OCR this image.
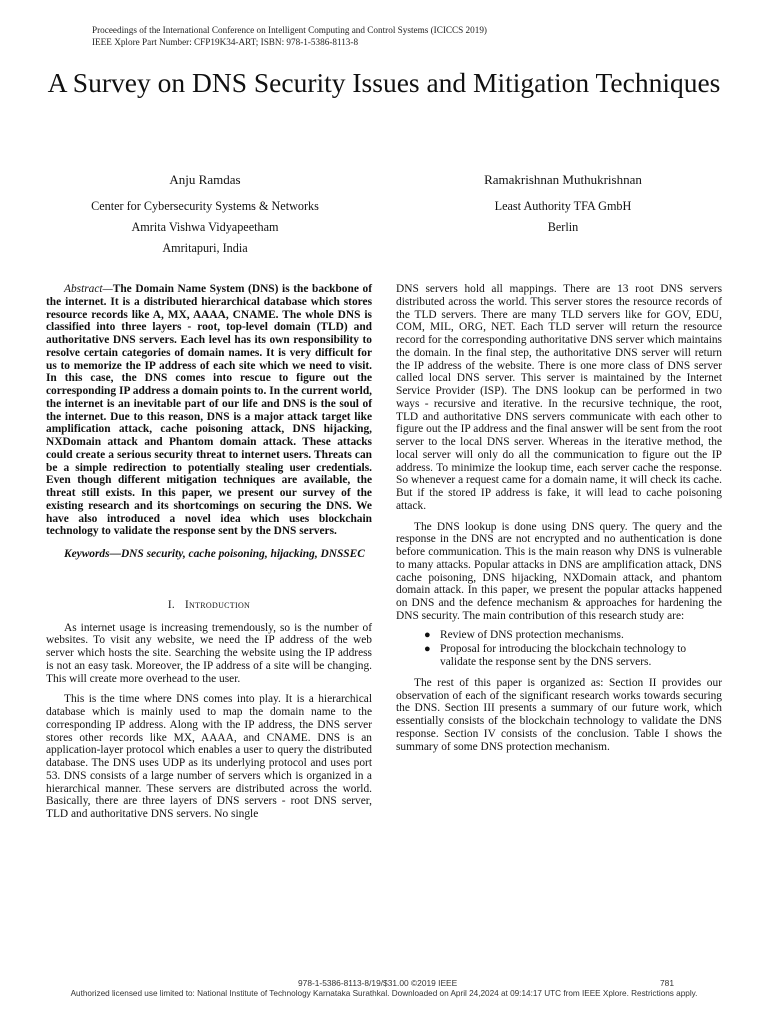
Proceedings of the International Conference on Intelligent Computing and Control Systems (ICICCS 2019)
IEEE Xplore Part Number: CFP19K34-ART; ISBN: 978-1-5386-8113-8
A Survey on DNS Security Issues and Mitigation Techniques
Anju Ramdas
Center for Cybersecurity Systems & Networks
Amrita Vishwa Vidyapeetham
Amritapuri, India
Ramakrishnan Muthukrishnan
Least Authority TFA GmbH
Berlin

Abstract—The Domain Name System (DNS) is the backbone of the internet. It is a distributed hierarchical database which stores resource records like A, MX, AAAA, CNAME. The whole DNS is classified into three layers - root, top-level domain (TLD) and authoritative DNS servers. Each level has its own responsibility to resolve certain categories of domain names. It is very difficult for us to memorize the IP address of each site which we need to visit. In this case, the DNS comes into rescue to figure out the corresponding IP address a domain points to. In the current world, the internet is an inevitable part of our life and DNS is the soul of the internet. Due to this reason, DNS is a major attack target like amplification attack, cache poisoning attack, DNS hijacking, NXDomain attack and Phantom domain attack. These attacks could create a serious security threat to internet users. Threats can be a simple redirection to potentially stealing user credentials. Even though different mitigation techniques are available, the threat still exists. In this paper, we present our survey of the existing research and its shortcomings on securing the DNS. We have also introduced a novel idea which uses blockchain technology to validate the response sent by the DNS servers.

Keywords—DNS security, cache poisoning, hijacking, DNSSEC

I. Introduction

As internet usage is increasing tremendously, so is the number of websites. To visit any website, we need the IP address of the web server which hosts the site. Searching the website using the IP address is not an easy task. Moreover, the IP address of a site will be changing. This will create more overhead to the user.

This is the time where DNS comes into play. It is a hierarchical database which is mainly used to map the domain name to the corresponding IP address. Along with the IP address, the DNS server stores other records like MX, AAAA, and CNAME. DNS is an application-layer protocol which enables a user to query the distributed database. The DNS uses UDP as its underlying protocol and uses port 53. DNS consists of a large number of servers which is organized in a hierarchical manner. These servers are distributed across the world. Basically, there are three layers of DNS servers - root DNS server, TLD and authoritative DNS servers. No single

DNS servers hold all mappings. There are 13 root DNS servers distributed across the world. This server stores the resource records of the TLD servers. There are many TLD servers like for GOV, EDU, COM, MIL, ORG, NET. Each TLD server will return the resource record for the corresponding authoritative DNS server which maintains the domain. In the final step, the authoritative DNS server will return the IP address of the website. There is one more class of DNS server called local DNS server. This server is maintained by the Internet Service Provider (ISP). The DNS lookup can be performed in two ways - recursive and iterative. In the recursive technique, the root, TLD and authoritative DNS servers communicate with each other to figure out the IP address and the final answer will be sent from the root server to the local DNS server. Whereas in the iterative method, the local server will only do all the communication to figure out the IP address. To minimize the lookup time, each server cache the response. So whenever a request came for a domain name, it will check its cache. But if the stored IP address is fake, it will lead to cache poisoning attack.

The DNS lookup is done using DNS query. The query and the response in the DNS are not encrypted and no authentication is done before communication. This is the main reason why DNS is vulnerable to many attacks. Popular attacks in DNS are amplification attack, DNS cache poisoning, DNS hijacking, NXDomain attack, and phantom domain attack. In this paper, we present the popular attacks happened on DNS and the defence mechanism & approaches for hardening the DNS security. The main contribution of this research study are:

● Review of DNS protection mechanisms.
● Proposal for introducing the blockchain technology to validate the response sent by the DNS servers.

The rest of this paper is organized as: Section II provides our observation of each of the significant research works towards securing the DNS. Section III presents a summary of our future work, which essentially consists of the blockchain technology to validate the DNS response. Section IV consists of the conclusion. Table I shows the summary of some DNS protection mechanism.

978-1-5386-8113-8/19/$31.00 ©2019 IEEE	781
Authorized licensed use limited to: National Institute of Technology Karnataka Surathkal. Downloaded on April 24,2024 at 09:14:17 UTC from IEEE Xplore. Restrictions apply.
